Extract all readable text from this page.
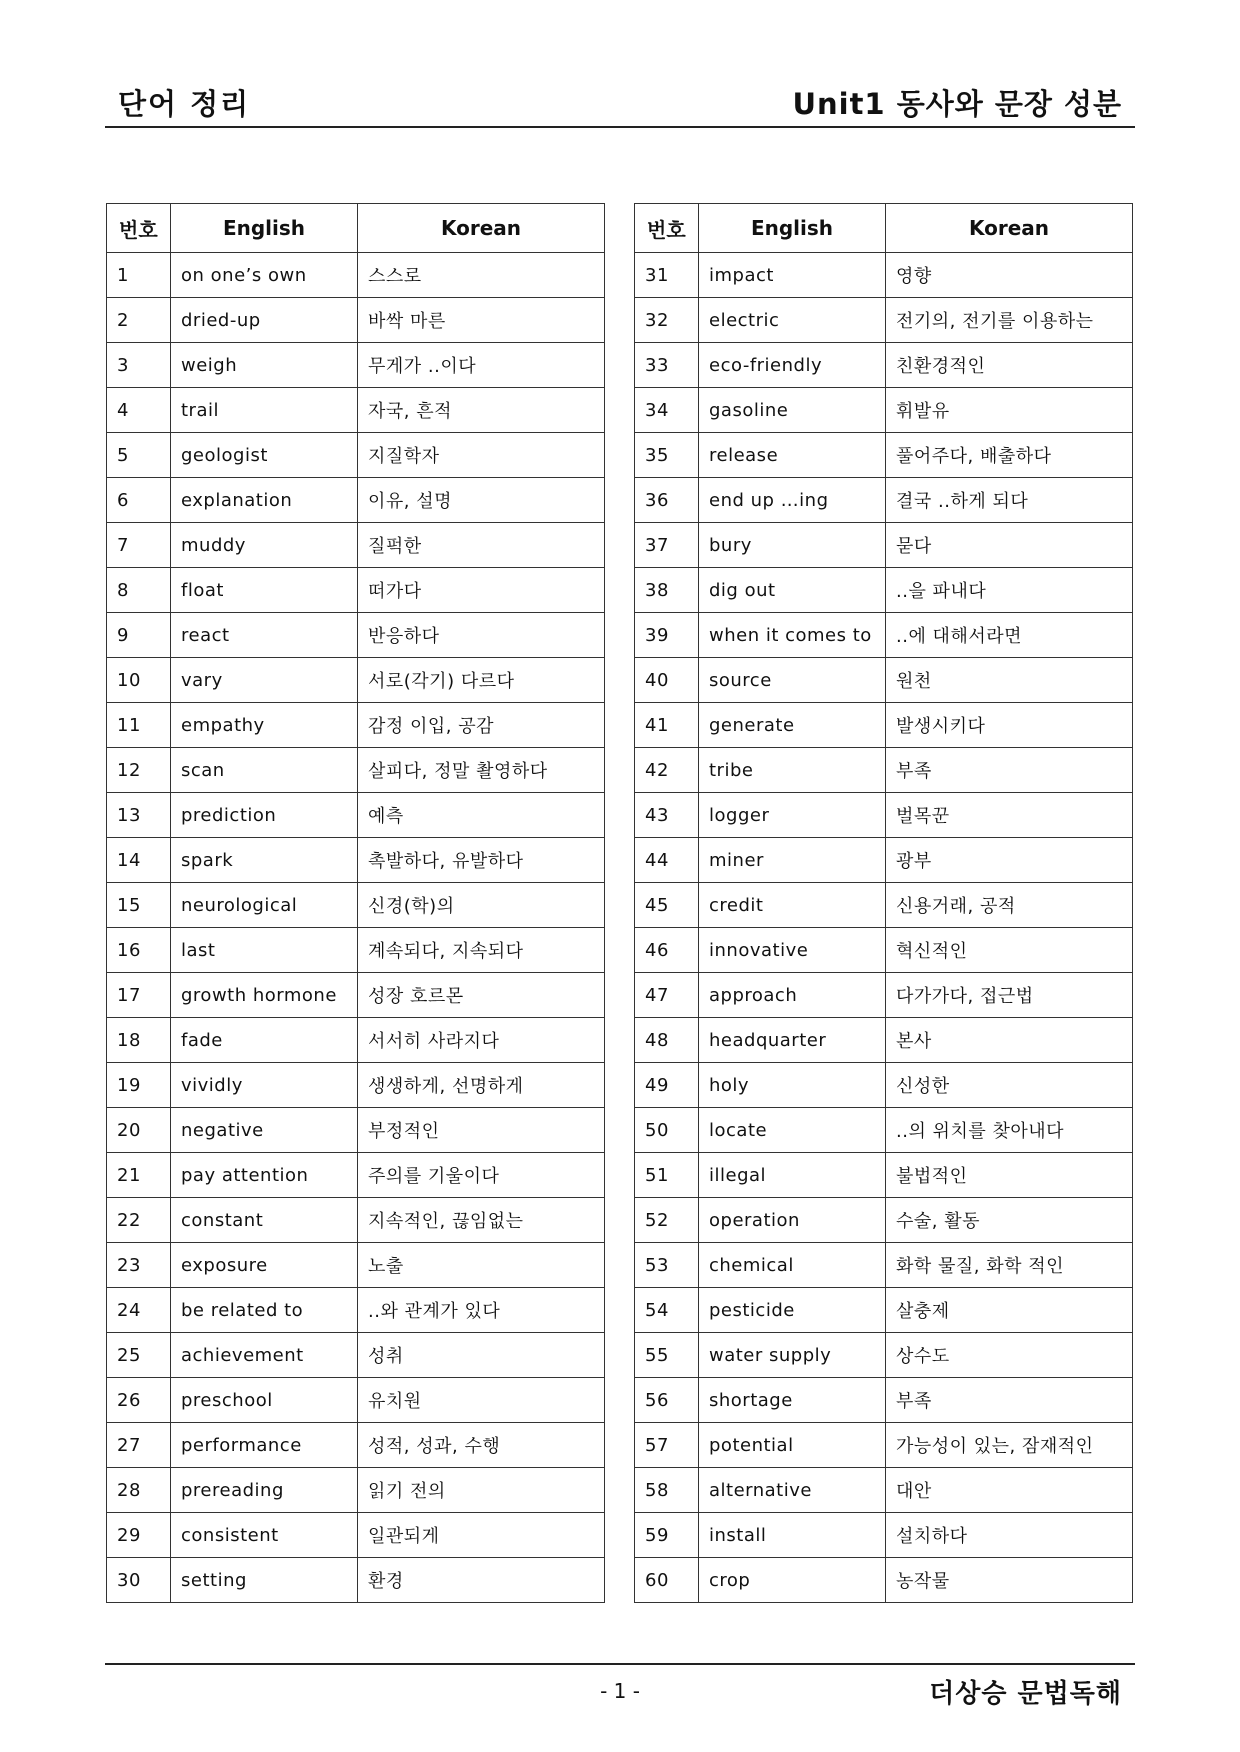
단어 정리	Unit1 동사와 문장 성분
번호	English	Korean
1	on one’s own	스스로
2	dried-up	바싹 마른
3	weigh	무게가 ..이다
4	trail	자국, 흔적
5	geologist	지질학자
6	explanation	이유, 설명
7	muddy	질퍽한
8	float	떠가다
9	react	반응하다
10	vary	서로(각기) 다르다
11	empathy	감정 이입, 공감
12	scan	살피다, 정말 촬영하다
13	prediction	예측
14	spark	촉발하다, 유발하다
15	neurological	신경(학)의
16	last	계속되다, 지속되다
17	growth hormone	성장 호르몬
18	fade	서서히 사라지다
19	vividly	생생하게, 선명하게
20	negative	부정적인
21	pay attention	주의를 기울이다
22	constant	지속적인, 끊임없는
23	exposure	노출
24	be related to	..와 관계가 있다
25	achievement	성취
26	preschool	유치원
27	performance	성적, 성과, 수행
28	prereading	읽기 전의
29	consistent	일관되게
30	setting	환경
번호	English	Korean
31	impact	영향
32	electric	전기의, 전기를 이용하는
33	eco-friendly	친환경적인
34	gasoline	휘발유
35	release	풀어주다, 배출하다
36	end up …ing	결국 ..하게 되다
37	bury	묻다
38	dig out	..을 파내다
39	when it comes to	..에 대해서라면
40	source	원천
41	generate	발생시키다
42	tribe	부족
43	logger	벌목꾼
44	miner	광부
45	credit	신용거래, 공적
46	innovative	혁신적인
47	approach	다가가다, 접근법
48	headquarter	본사
49	holy	신성한
50	locate	..의 위치를 찾아내다
51	illegal	불법적인
52	operation	수술, 활동
53	chemical	화학 물질, 화학 적인
54	pesticide	살충제
55	water supply	상수도
56	shortage	부족
57	potential	가능성이 있는, 잠재적인
58	alternative	대안
59	install	설치하다
60	crop	농작물
- 1 -	더상승 문법독해
